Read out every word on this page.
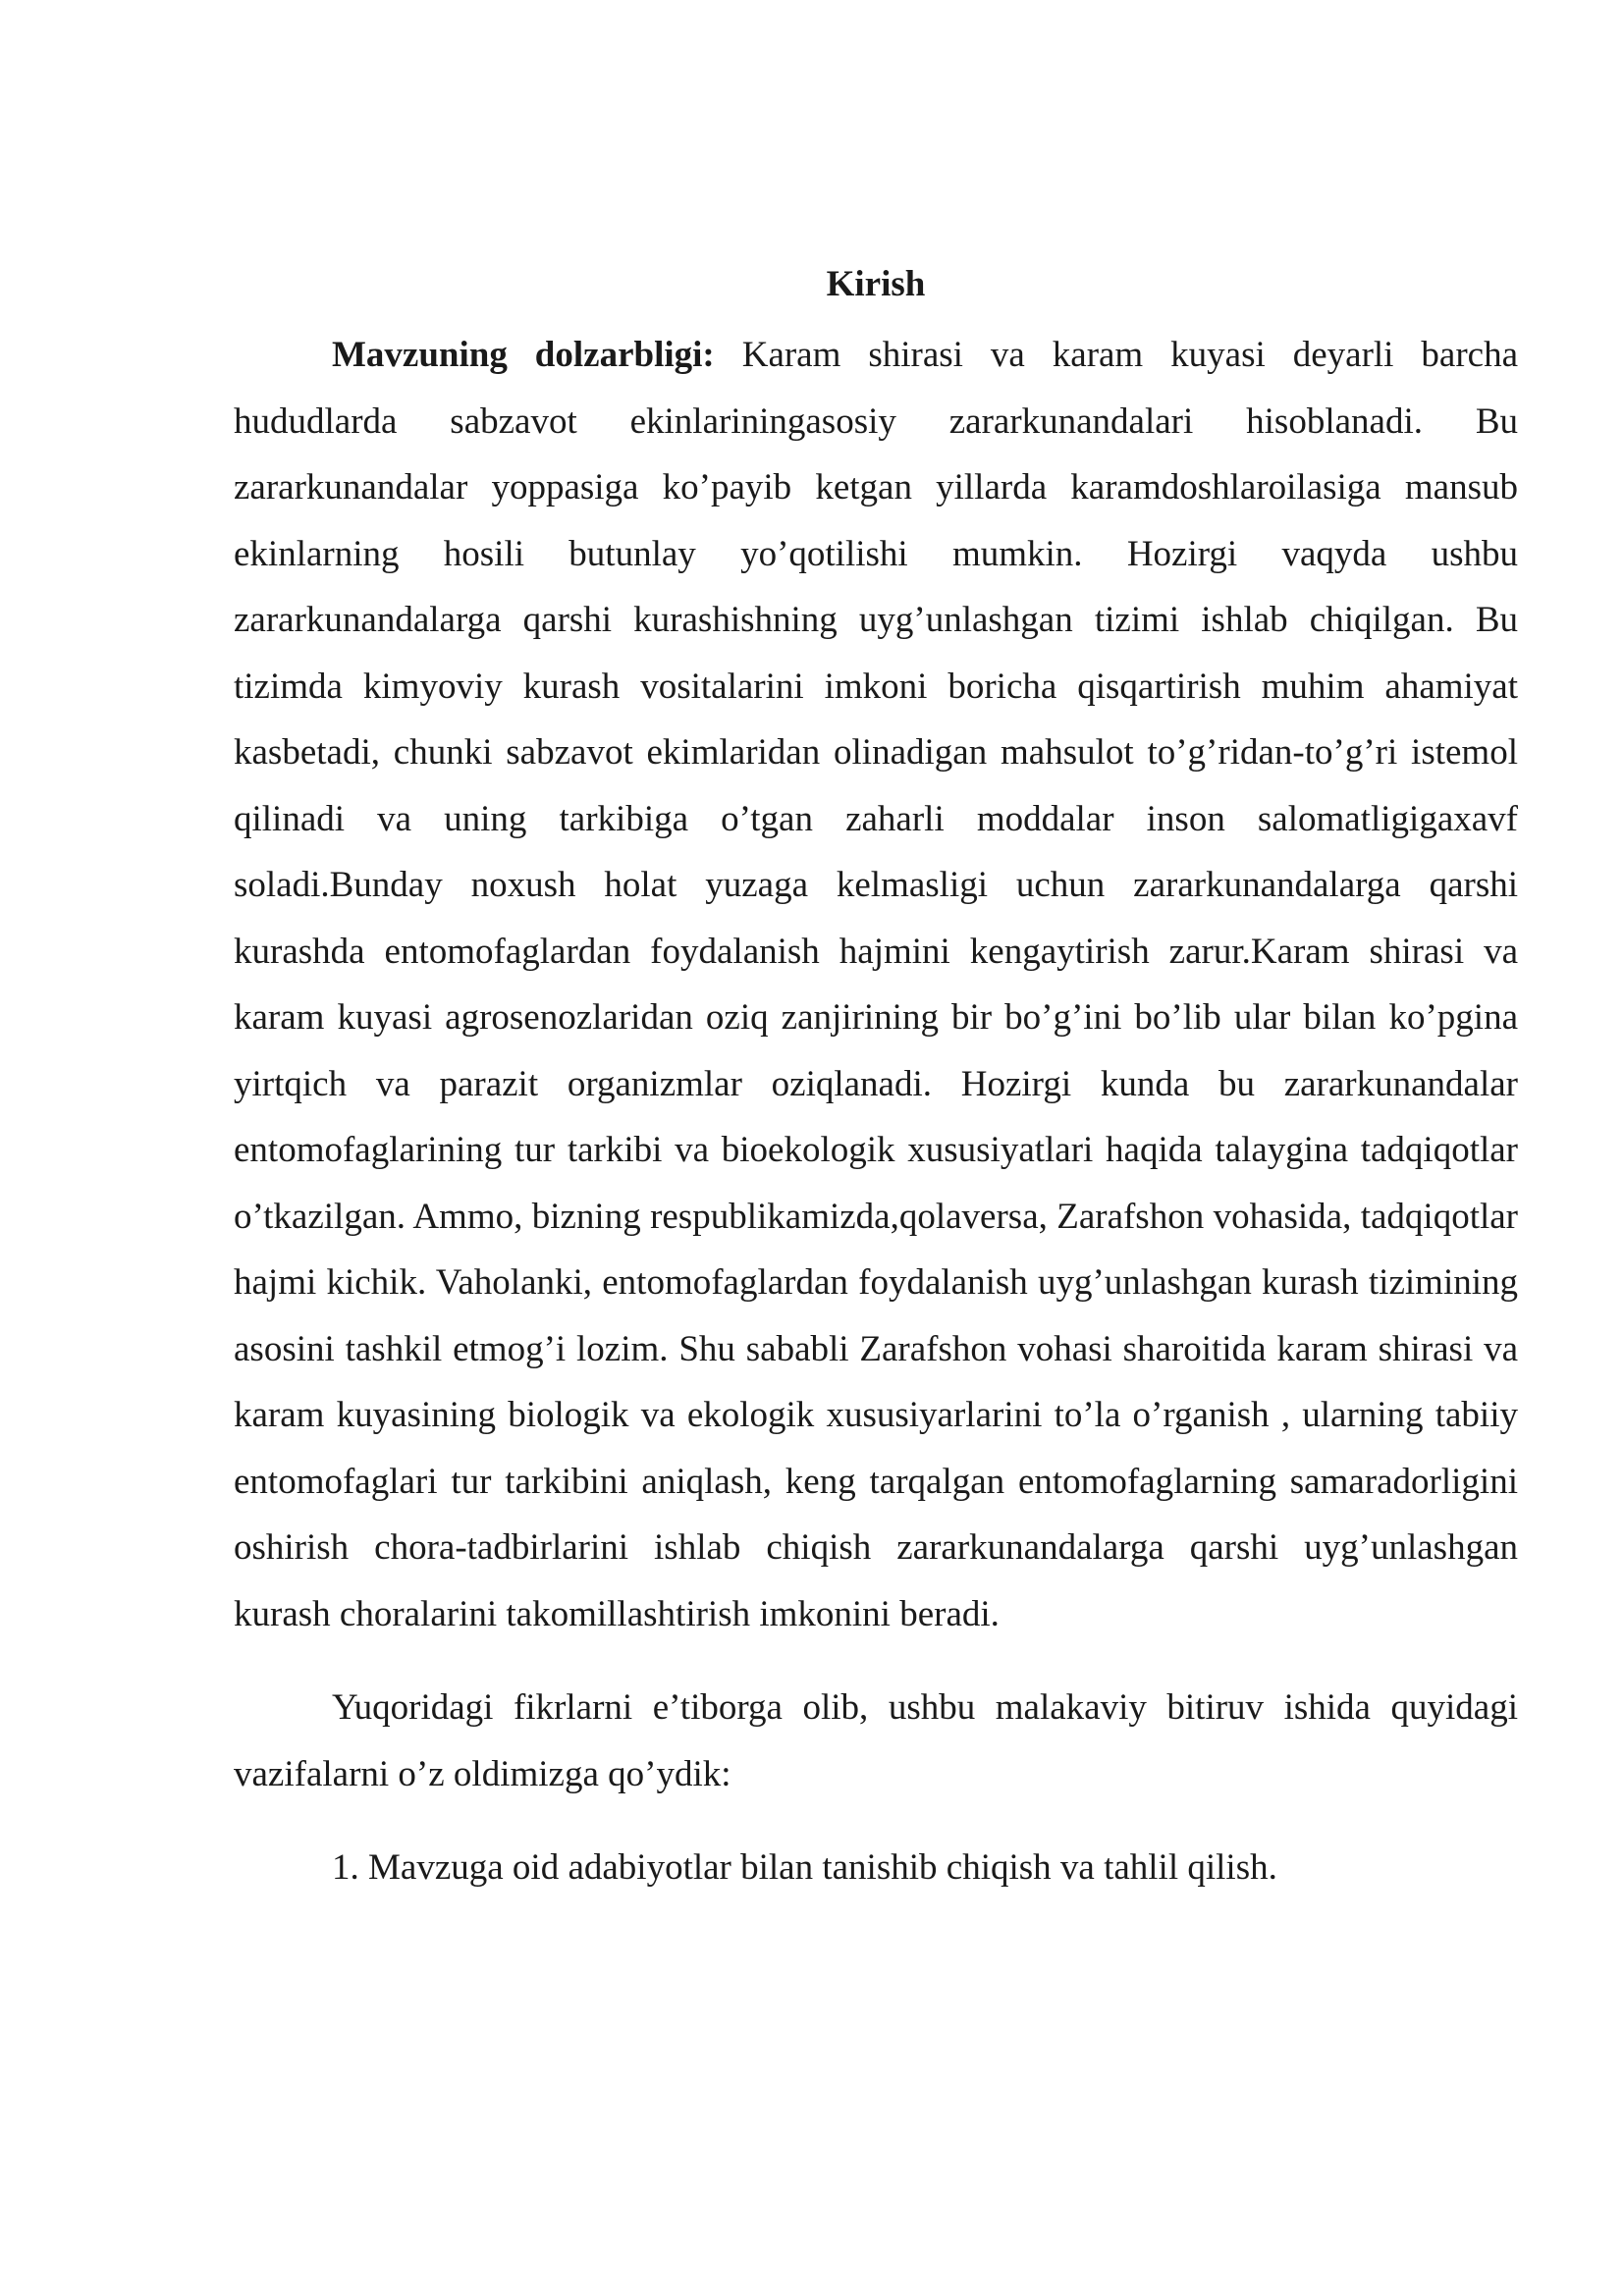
Kirish

Mavzuning dolzarbligi: Karam shirasi va karam kuyasi deyarli barcha hududlarda sabzavot ekinlariningasosiy zararkunandalari hisoblanadi. Bu zararkunandalar yoppasiga ko’payib ketgan yillarda karamdoshlaroilasiga mansub ekinlarning hosili butunlay yo’qotilishi mumkin. Hozirgi vaqyda ushbu zararkunandalarga qarshi kurashishning uyg’unlashgan tizimi ishlab chiqilgan. Bu tizimda kimyoviy kurash vositalarini imkoni boricha qisqartirish muhim ahamiyat kasbetadi, chunki sabzavot ekimlaridan olinadigan mahsulot to’g’ridan-to’g’ri istemol qilinadi va uning tarkibiga o’tgan zaharli moddalar inson salomatligigaxavf soladi.Bunday noxush holat yuzaga kelmasligi uchun zararkunandalarga qarshi kurashda entomofaglardan foydalanish hajmini kengaytirish zarur.Karam shirasi va karam kuyasi agrosenozlaridan oziq zanjirining bir bo’g’ini bo’lib ular bilan ko’pgina yirtqich va parazit organizmlar oziqlanadi. Hozirgi kunda bu zararkunandalar entomofaglarining tur tarkibi va bioekologik xususiyatlari haqida talaygina tadqiqotlar o’tkazilgan. Ammo, bizning respublikamizda,qolaversa, Zarafshon vohasida, tadqiqotlar hajmi kichik. Vaholanki, entomofaglardan foydalanish uyg’unlashgan kurash tizimining asosini tashkil etmog’i lozim. Shu sababli Zarafshon vohasi sharoitida karam shirasi va karam kuyasining biologik va ekologik xususiyarlarini to’la o’rganish , ularning tabiiy entomofaglari tur tarkibini aniqlash, keng tarqalgan entomofaglarning samaradorligini oshirish chora-tadbirlarini ishlab chiqish zararkunandalarga qarshi uyg’unlashgan kurash choralarini takomillashtirish imkonini beradi.

Yuqoridagi fikrlarni e’tiborga olib, ushbu malakaviy bitiruv ishida quyidagi vazifalarni o’z oldimizga qo’ydik:

1. Mavzuga oid adabiyotlar bilan tanishib chiqish va tahlil qilish.
